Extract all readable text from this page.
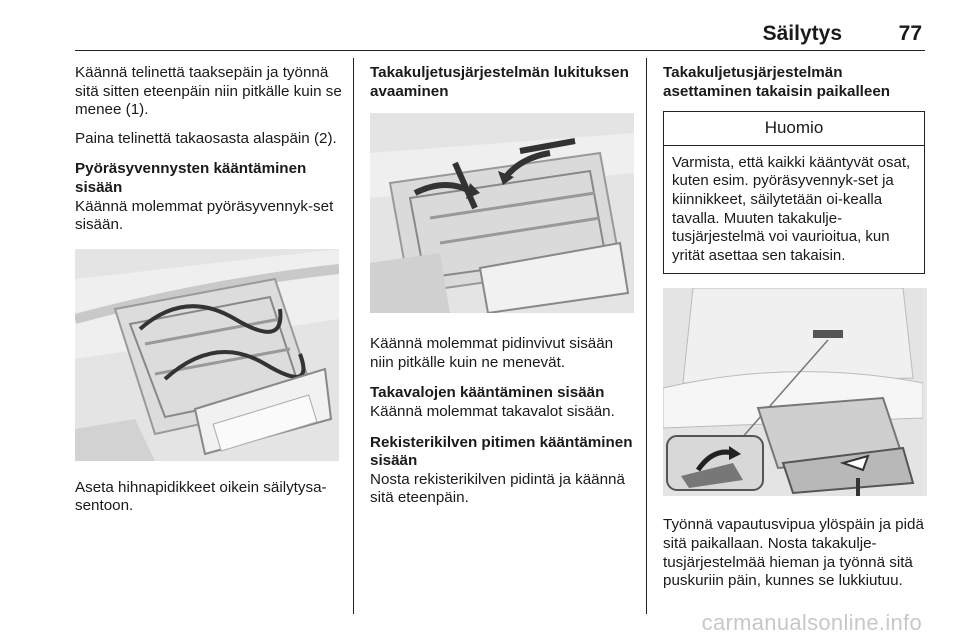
Säilytys	77

Käännä telinettä taaksepäin ja työnnä sitä sitten eteenpäin niin pitkälle kuin se menee (1).

Paina telinettä takaosasta alaspäin (2).

Pyöräsyvennysten kääntäminen sisään

Käännä molemmat pyöräsyvennyk-set sisään.

Aseta hihnapidikkeet oikein säilytysa-sentoon.

Takakuljetusjärjestelmän lukituksen avaaminen

Käännä molemmat pidinvivut sisään niin pitkälle kuin ne menevät.

Takavalojen kääntäminen sisään

Käännä molemmat takavalot sisään.

Rekisterikilven pitimen kääntäminen sisään

Nosta rekisterikilven pidintä ja käännä sitä eteenpäin.

Takakuljetusjärjestelmän asettaminen takaisin paikalleen
Huomio
Varmista, että kaikki kääntyvät osat, kuten esim. pyöräsyvennyk-set ja kiinnikkeet, säilytetään oi-kealla tavalla. Muuten takakulje-tusjärjestelmä voi vaurioitua, kun yrität asettaa sen takaisin.

Työnnä vapautusvipua ylöspäin ja pidä sitä paikallaan. Nosta takakulje-tusjärjestelmää hieman ja työnnä sitä puskuriin päin, kunnes se lukkiutuu.

carmanualsonline.info
